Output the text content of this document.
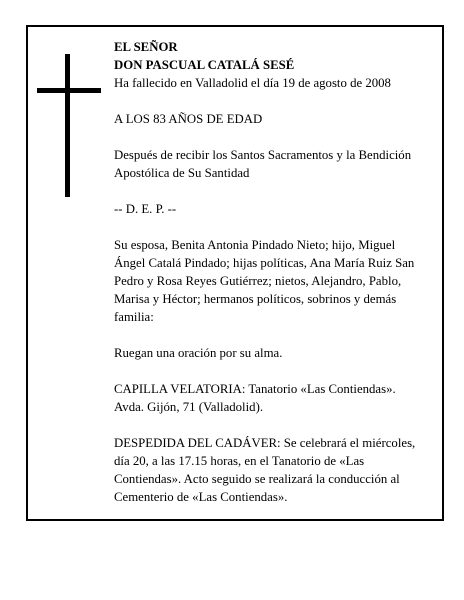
EL SEÑOR

DON PASCUAL CATALÁ SESÉ

Ha fallecido en Valladolid el día 19 de agosto de 2008

A LOS 83 AÑOS DE EDAD

Después de recibir los Santos Sacramentos y la Bendición Apostólica de Su Santidad

-- D. E. P. --

Su esposa, Benita Antonia Pindado Nieto; hijo, Miguel Ángel Catalá Pindado; hijas políticas, Ana María Ruiz San Pedro y Rosa Reyes Gutiérrez; nietos, Alejandro, Pablo, Marisa y Héctor; hermanos políticos, sobrinos y demás familia:

Ruegan una oración por su alma.

CAPILLA VELATORIA: Tanatorio «Las Contiendas». Avda. Gijón, 71 (Valladolid).

DESPEDIDA DEL CADÁVER: Se celebrará el miércoles, día 20, a las 17.15 horas, en el Tanatorio de «Las Contiendas». Acto seguido se realizará la conducción al Cementerio de «Las Contiendas».
